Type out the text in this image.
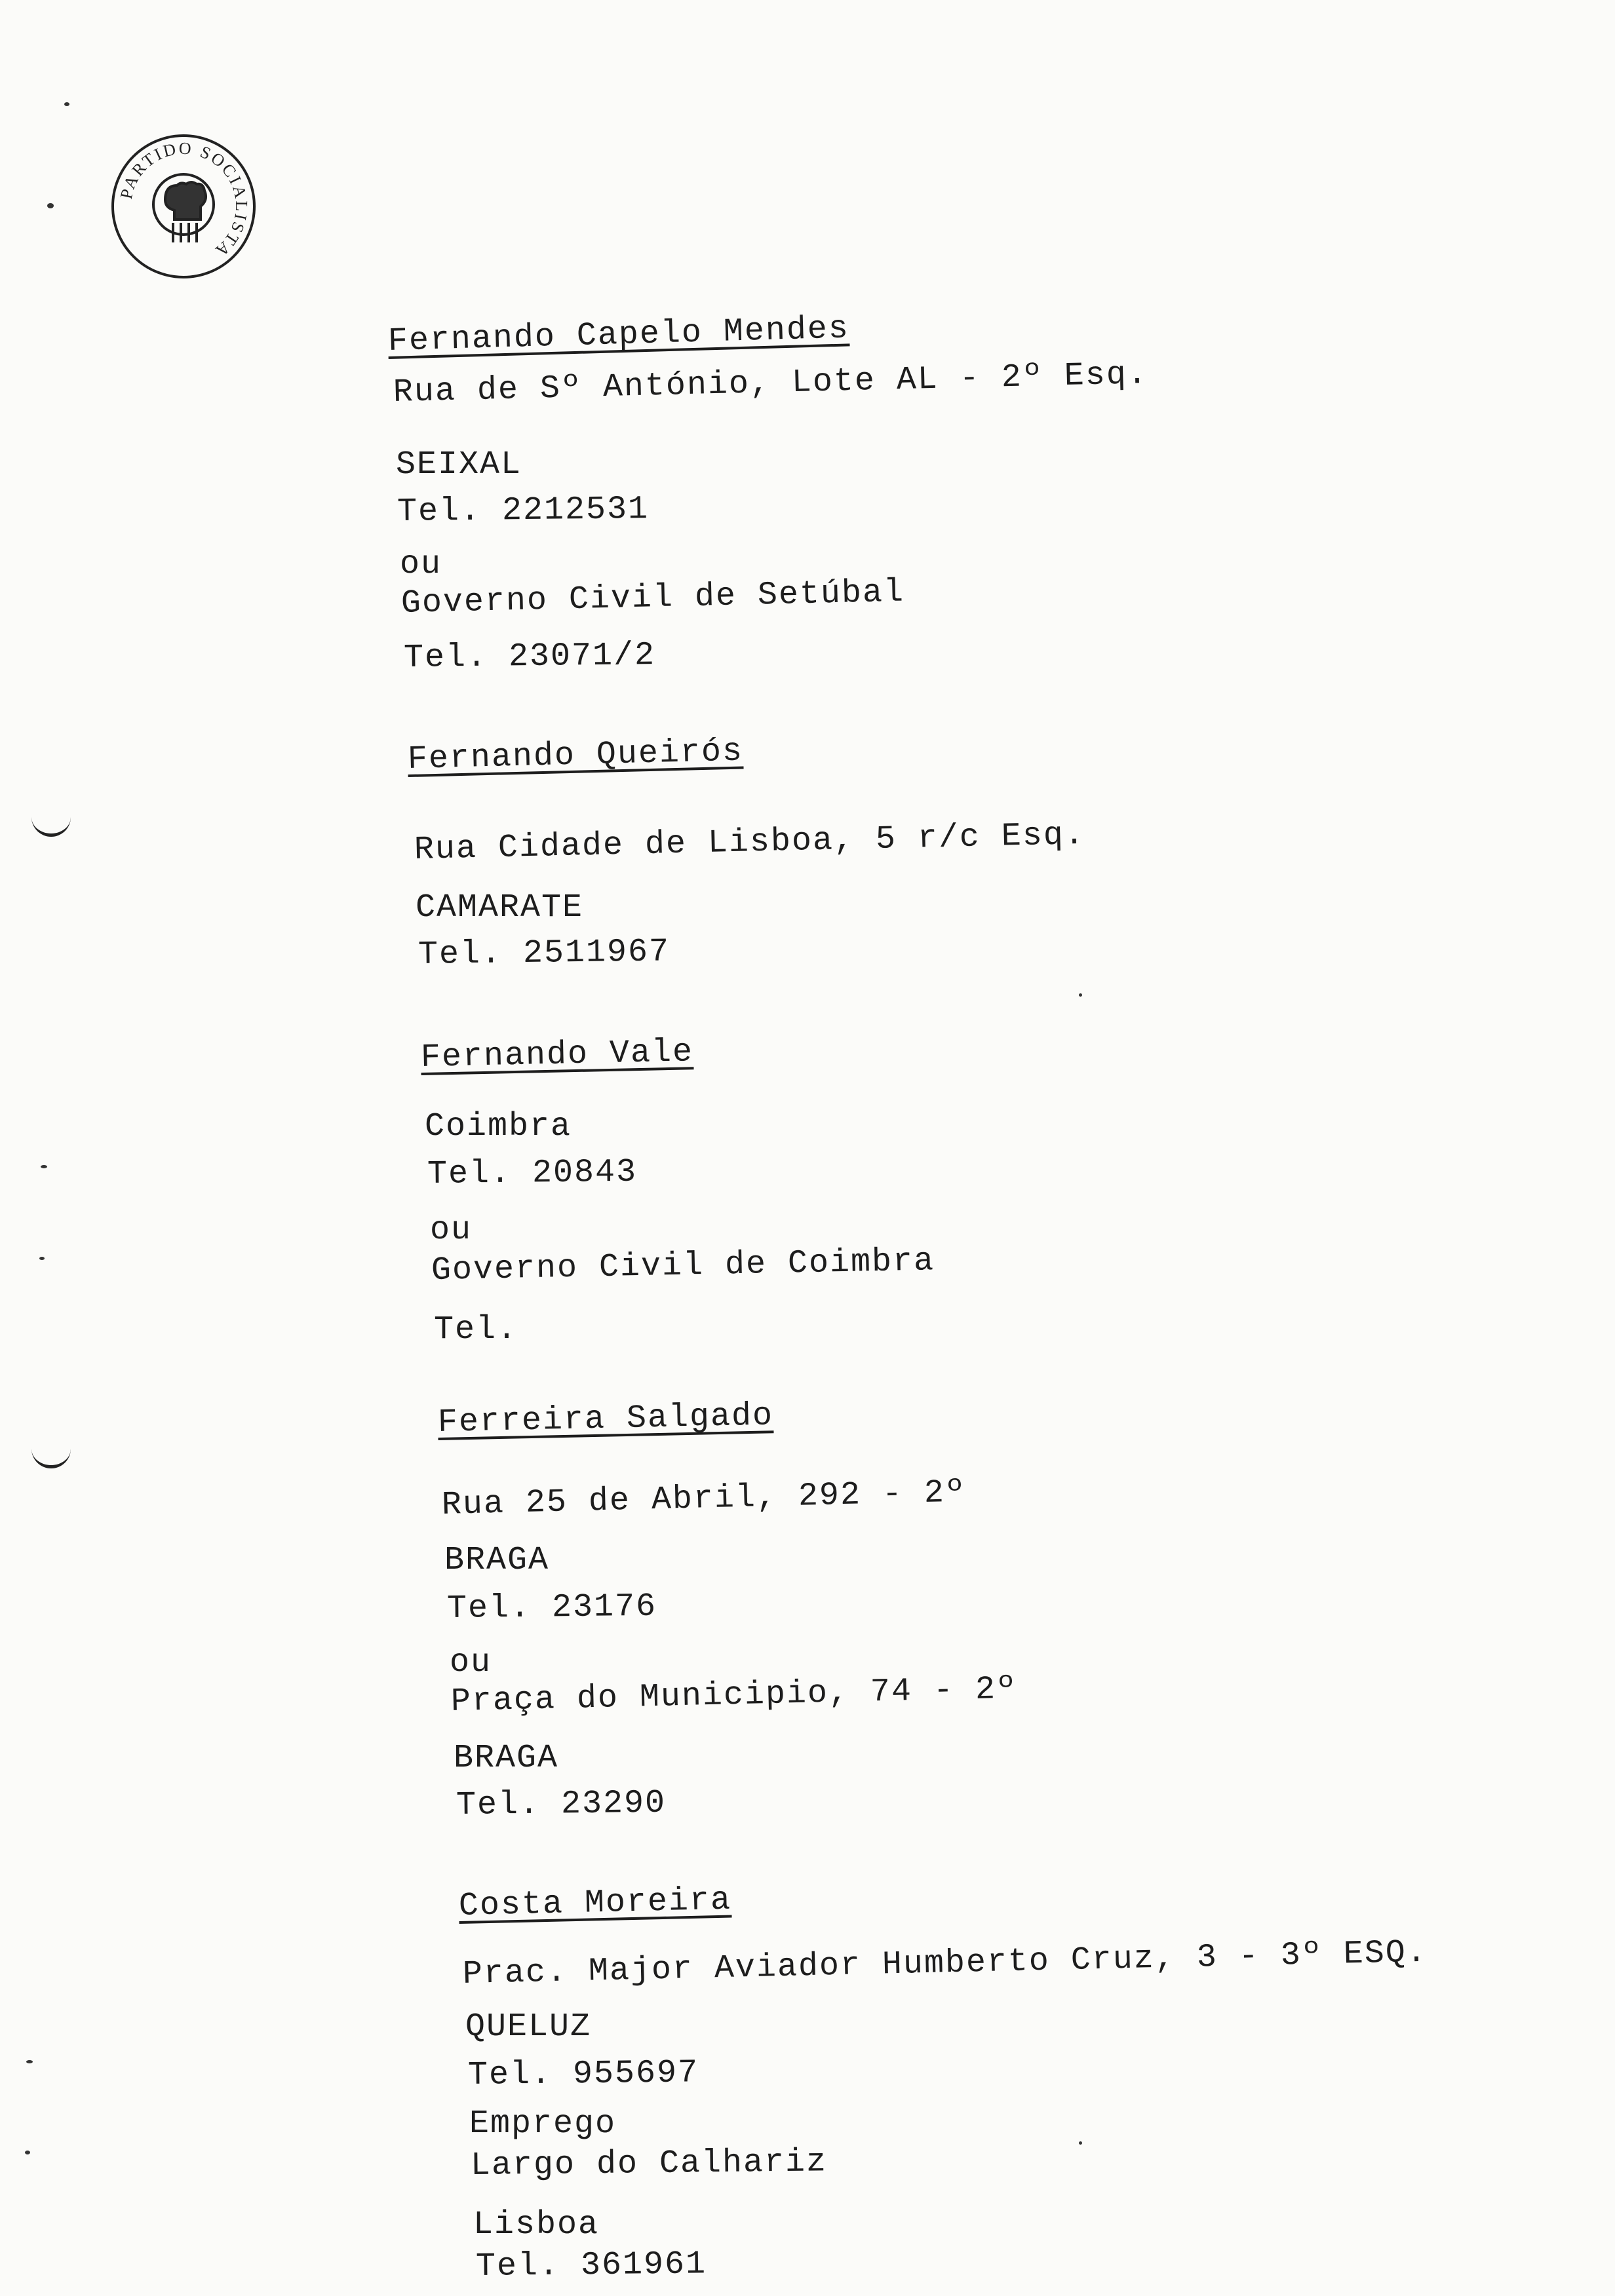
PARTIDO SOCIALISTA
Fernando Capelo Mendes
Rua de Sº António, Lote AL - 2º Esq.
SEIXAL
Tel. 2212531
ou
Governo Civil de Setúbal
Tel. 23071/2
Fernando Queirós
Rua Cidade de Lisboa, 5 r/c Esq.
CAMARATE
Tel. 2511967
Fernando Vale
Coimbra
Tel. 20843
ou
Governo Civil de Coimbra
Tel.
Ferreira Salgado
Rua 25 de Abril, 292 - 2º
BRAGA
Tel. 23176
ou
Praça do Municipio, 74 - 2º
BRAGA
Tel. 23290
Costa Moreira
Prac. Major Aviador Humberto Cruz, 3 - 3º ESQ.
QUELUZ
Tel. 955697
Emprego
Largo do Calhariz
Lisboa
Tel. 361961
